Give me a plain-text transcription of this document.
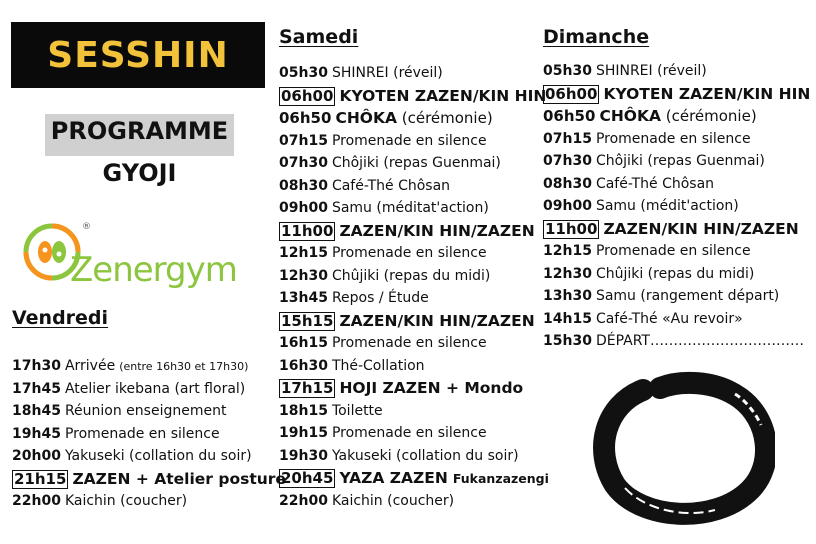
SESSHIN
PROGRAMME
GYOJI
®
Zenergym
Vendredi
Samedi	Dimanche
17h30 Arrivée (entre 16h30 et 17h30)
17h45 Atelier ikebana (art floral)
18h45 Réunion enseignement
19h45 Promenade en silence
20h00 Yakuseki (collation du soir)
21h15 ZAZEN + Atelier posture
22h00 Kaichin (coucher)
05h30 SHINREI (réveil)
06h00 KYOTEN ZAZEN/KIN HIN
06h50 CHÔKA (cérémonie)
07h15 Promenade en silence
07h30 Chôjiki (repas Guenmai)
08h30 Café-Thé Chôsan
09h00 Samu (méditat'action)
11h00 ZAZEN/KIN HIN/ZAZEN
12h15 Promenade en silence
12h30 Chûjiki (repas du midi)
13h45 Repos / Étude
15h15 ZAZEN/KIN HIN/ZAZEN
16h15 Promenade en silence
16h30 Thé-Collation
17h15 HOJI ZAZEN + Mondo
18h15 Toilette
19h15 Promenade en silence
19h30 Yakuseki (collation du soir)
20h45 YAZA ZAZEN Fukanzazengi
22h00 Kaichin (coucher)
05h30 SHINREI (réveil)
06h00 KYOTEN ZAZEN/KIN HIN
06h50 CHÔKA (cérémonie)
07h15 Promenade en silence
07h30 Chôjiki (repas Guenmai)
08h30 Café-Thé Chôsan
09h00 Samu (médit'action)
11h00 ZAZEN/KIN HIN/ZAZEN
12h15 Promenade en silence
12h30 Chûjiki (repas du midi)
13h30 Samu (rangement départ)
14h15 Café-Thé «Au revoir»
15h30 DÉPART……………………………
